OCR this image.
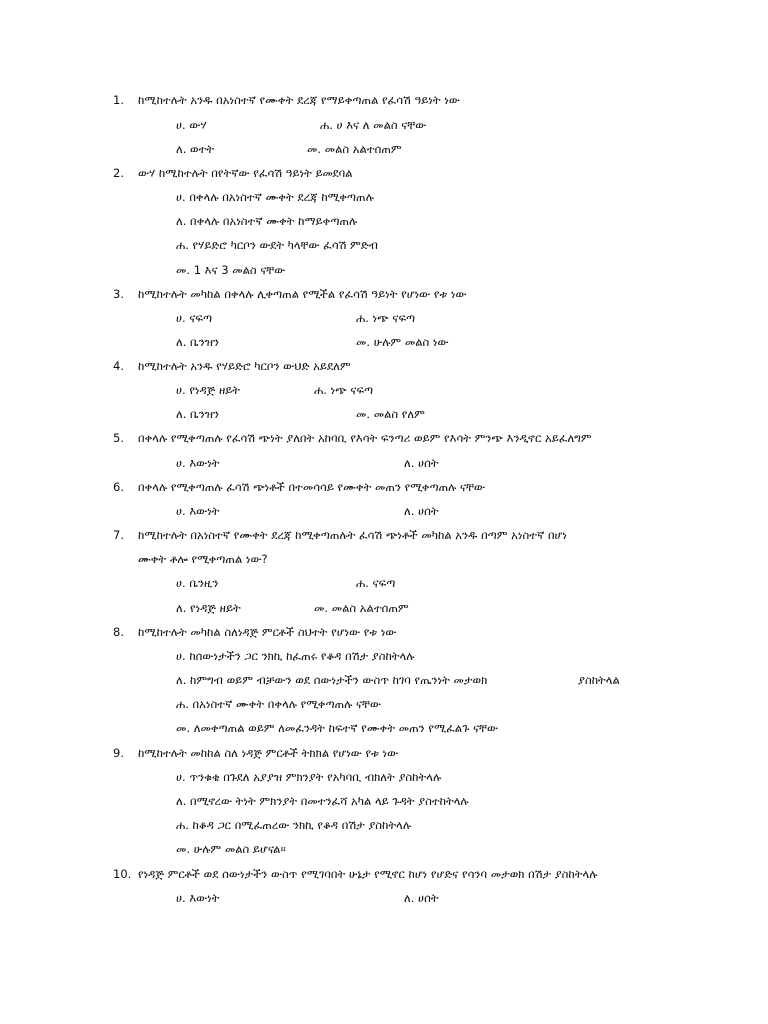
1. ከሚከተሉት አንዱ በአነስተኛ የሙቀት ደረጃ የማይቀጣጠል የፈሳሽ ዓይነት ነው
ሀ. ውሃ	ሐ. ሀ እና ለ መልስ ናቸው
ለ. ወተት	መ. መልስ አልተሰጠም
2. ውሃ ከሚከተሉት በየትኛው የፈሳሽ ዓይነት ይመደባል
ሀ. በቀላሉ በአነስተኛ ሙቀት ደረጃ ከሚቀጣጠሉ
ለ. በቀላሉ በአነስተኛ ሙቀት ከማይቀጣጠሉ
ሐ. የሃይድሮ ካርቦን ውደት ካላቸው ፈሳሽ ምድብ
መ. 1 እና 3 መልስ ናቸው
3. ከሚከተሉት መካከል በቀላሉ ሊቀጣጠል የሚችል የፈሳሽ ዓይነት የሆነው የቱ ነው
ሀ. ናፍጣ	ሐ. ነጭ ናፍጣ
ለ. ቤንዝን	መ. ሁሉም መልስ ነው
4. ከሚከተሉት አንዱ የሃይድሮ ካርቦን ውህድ አይደለም
ሀ. የነዳጅ ዘይት	ሐ. ነጭ ናፍጣ
ለ. ቤንዝን	መ. መልስ የለም
5. በቀላሉ የሚቀጣጠሉ የፈሳሽ ጭነት ያለበት አከባቢ የእሳት ፍንጣሪ ወይም የእሳት ምንጭ እንዲኖር አይፈለግም
ሀ. እውነት	ለ. ሀሰት
6. በቀላሉ የሚቀጣጠሉ ፈሳሽ ጭነቶች በተመሳሳይ የሙቀት መጠን የሚቀጣጠሉ ናቸው
ሀ. እውነት	ለ. ሀሰት
7. ከሚከተሉት በአነስተኛ የሙቀት ደረጃ ከሚቀጣጠሉት ፈሳሽ ጭነቶች መካከል አንዱ በጣም አነስተኛ በሆነ
ሙቀት ቶሎ የሚቀጣጠል ነው?
ሀ. ቤንዚን	ሐ. ናፍጣ
ለ. የነዳጅ ዘይት	መ. መልስ አልተሰጠም
8. ከሚከተሉት መካከል ስለነዳጅ ምርቶች ስህተት የሆነው የቱ ነው
ሀ. ከሰውነታችን ጋር ንክኪ ከፈጠሩ የቆዳ በሽታ ያስከትላሉ
ለ. ከምግብ ወይም ብቻውን ወደ ሰውነታችን ውስጥ ከገባ የጤንነት መታወክ	ያስከትላል
ሐ. በአነስተኛ ሙቀት በቀላሉ የሚቀጣጠሉ ናቸው
መ. ለመቀጣጠል ወይም ለመፈንዳት ከፍተኛ የሙቀት መጠን የሚፈልጉ ናቸው
9. ከሚከተሉት መከከል ስለ ነዳጅ ምርቶች ትክክል የሆነው የቱ ነው
ሀ. ጥንቁቄ በጉደለ አያያዝ ምክንያት የአካባቢ ብክለት ያስከትላሉ
ለ. በሚኖረው ትነት ምክንያት በመተንፈሻ አካል ላይ ጉዳት ያስተከትላሉ
ሐ. ከቆዳ ጋር በሚፈጠረው ንክኪ የቆዳ በሽታ ያስከትላሉ
መ. ሁሉም መልስ ይሆናል፡፡
10. የነዳጅ ምርቶች ወደ ሰውነታችን ውስጥ የሚገባበት ሁኔታ የሚኖር ከሆነ የሆድና የሳንባ መታወክ በሽታ ያስከትላሉ
ሀ. እውነት	ለ. ሀሰት
